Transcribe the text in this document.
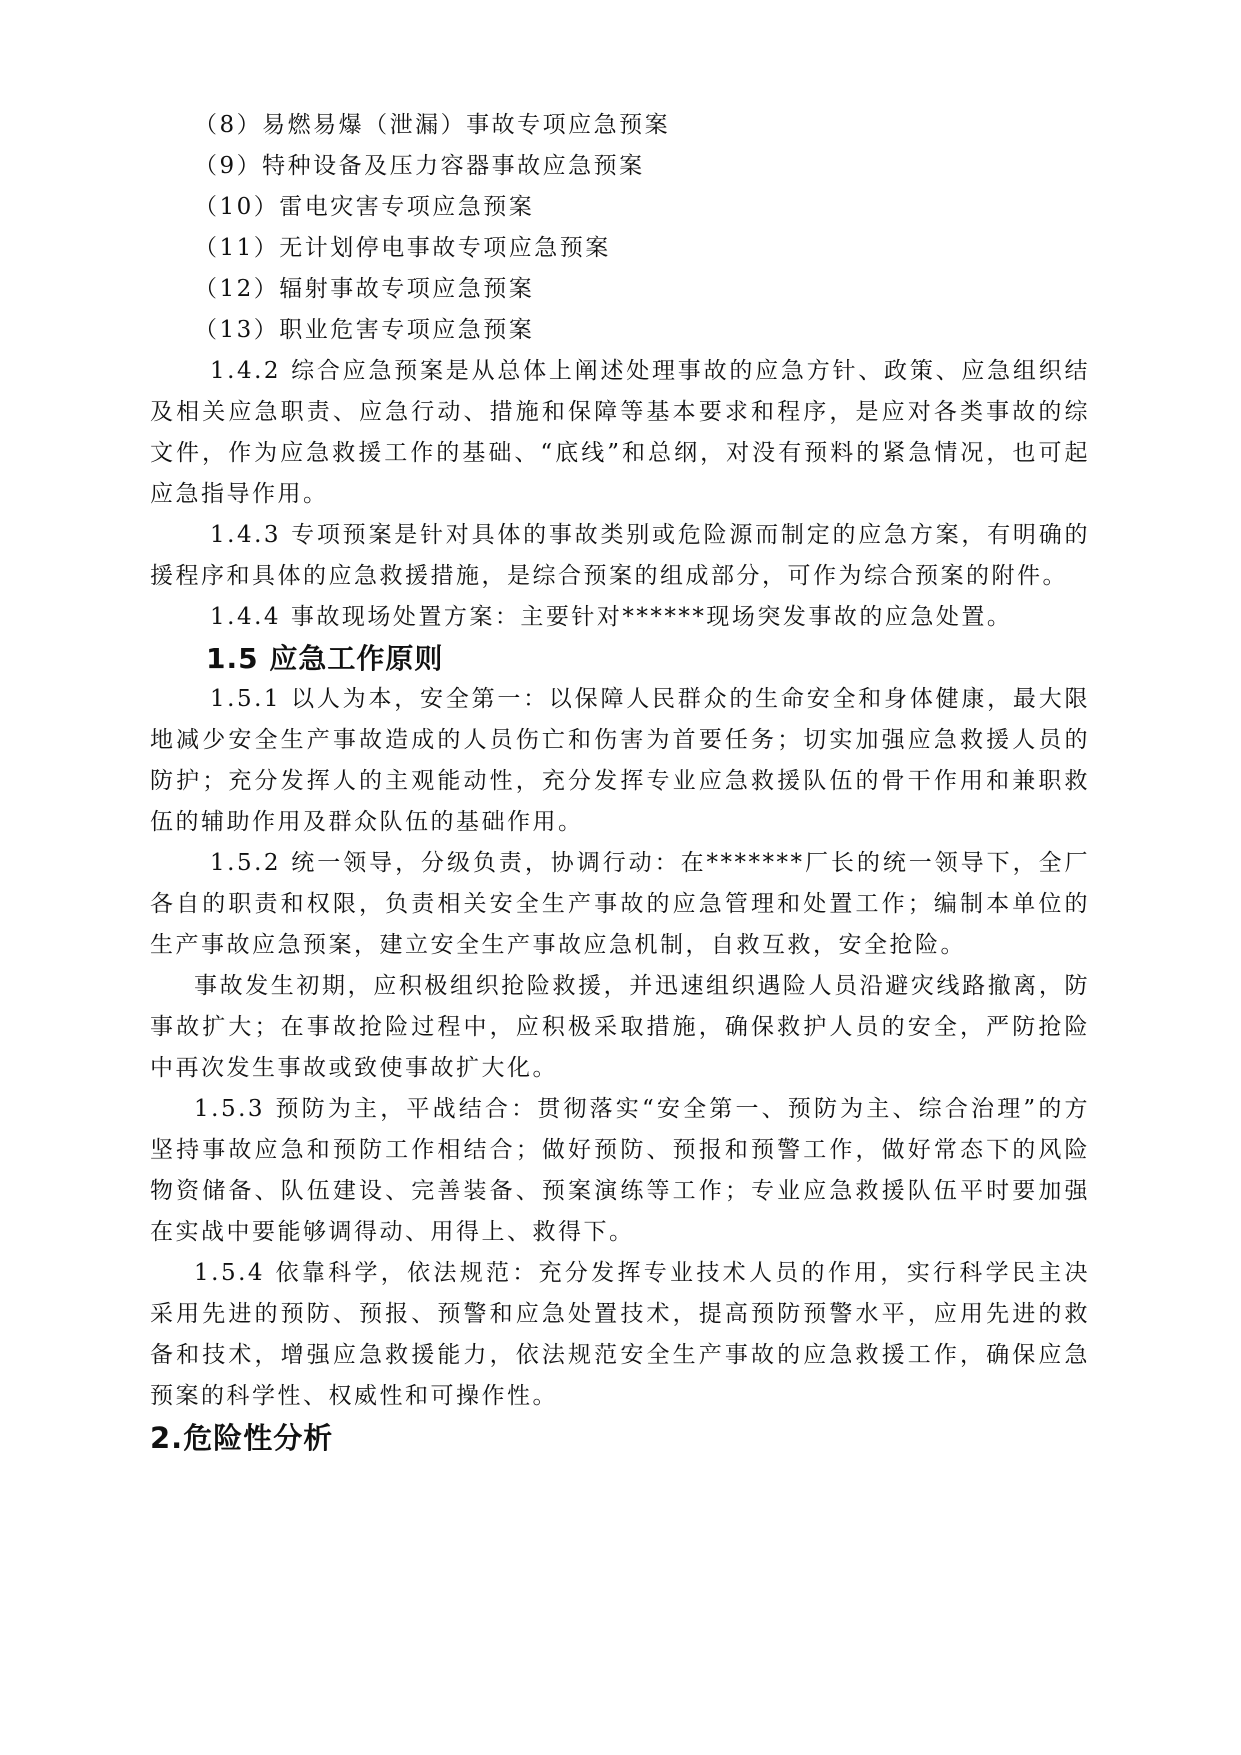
（8）易燃易爆（泄漏）事故专项应急预案
（9）特种设备及压力容器事故应急预案
（10）雷电灾害专项应急预案
（11）无计划停电事故专项应急预案
（12）辐射事故专项应急预案
（13）职业危害专项应急预案
1.4.2 综合应急预案是从总体上阐述处理事故的应急方针、政策、应急组织结
及相关应急职责、应急行动、措施和保障等基本要求和程序，是应对各类事故的综
文件，作为应急救援工作的基础、“底线”和总纲，对没有预料的紧急情况，也可起
应急指导作用。
1.4.3 专项预案是针对具体的事故类别或危险源而制定的应急方案，有明确的
援程序和具体的应急救援措施，是综合预案的组成部分，可作为综合预案的附件。
1.4.4 事故现场处置方案：主要针对******现场突发事故的应急处置。
1.5 应急工作原则
1.5.1 以人为本，安全第一：以保障人民群众的生命安全和身体健康，最大限
地减少安全生产事故造成的人员伤亡和伤害为首要任务；切实加强应急救援人员的
防护；充分发挥人的主观能动性，充分发挥专业应急救援队伍的骨干作用和兼职救
伍的辅助作用及群众队伍的基础作用。
1.5.2 统一领导，分级负责，协调行动：在*******厂长的统一领导下，全厂
各自的职责和权限，负责相关安全生产事故的应急管理和处置工作；编制本单位的
生产事故应急预案，建立安全生产事故应急机制，自救互救，安全抢险。
事故发生初期，应积极组织抢险救援，并迅速组织遇险人员沿避灾线路撤离，防
事故扩大；在事故抢险过程中，应积极采取措施，确保救护人员的安全，严防抢险
中再次发生事故或致使事故扩大化。
1.5.3 预防为主，平战结合：贯彻落实“安全第一、预防为主、综合治理”的方
坚持事故应急和预防工作相结合；做好预防、预报和预警工作，做好常态下的风险
物资储备、队伍建设、完善装备、预案演练等工作；专业应急救援队伍平时要加强
在实战中要能够调得动、用得上、救得下。
1.5.4 依靠科学，依法规范：充分发挥专业技术人员的作用，实行科学民主决
采用先进的预防、预报、预警和应急处置技术，提高预防预警水平，应用先进的救
备和技术，增强应急救援能力，依法规范安全生产事故的应急救援工作，确保应急
预案的科学性、权威性和可操作性。
2.危险性分析
